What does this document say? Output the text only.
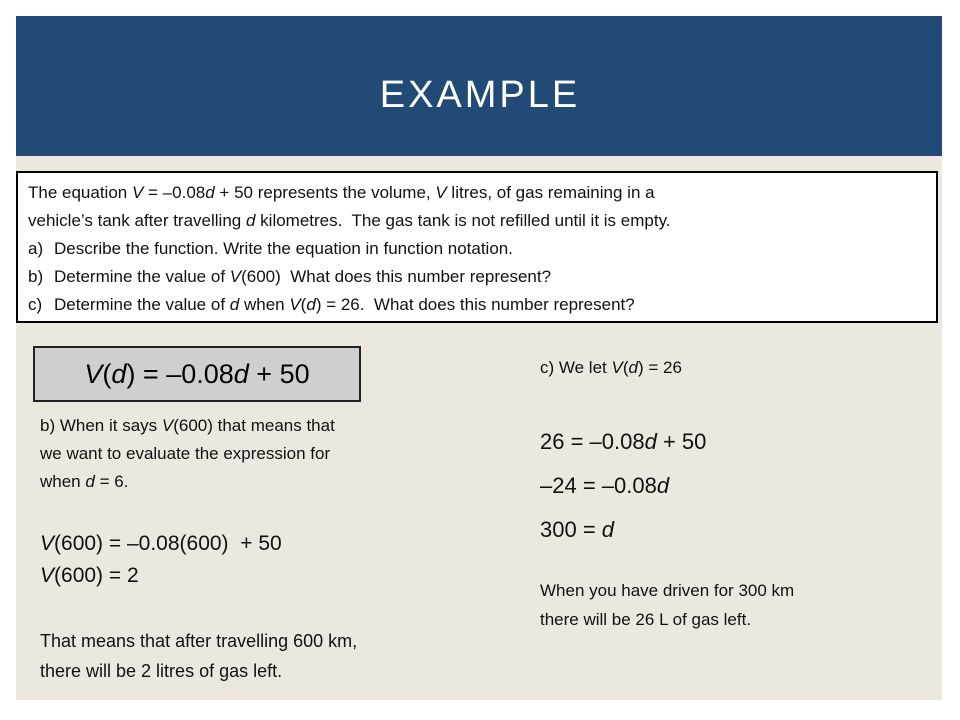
EXAMPLE

The equation V = –0.08d + 50 represents the volume, V litres, of gas remaining in a

vehicle’s tank after travelling d kilometres.  The gas tank is not refilled until it is empty.

a) Describe the function. Write the equation in function notation.
b) Determine the value of V(600)  What does this number represent?
c) Determine the value of d when V(d) = 26.  What does this number represent?
V(d) = –0.08d + 50
b) When it says V(600) that means that
we want to evaluate the expression for
when d = 6.
V(600) = –0.08(600)  + 50
V(600) = 2
That means that after travelling 600 km,
there will be 2 litres of gas left.
c) We let V(d) = 26
26 = –0.08d + 50
–24 = –0.08d
300 = d
When you have driven for 300 km
there will be 26 L of gas left.
